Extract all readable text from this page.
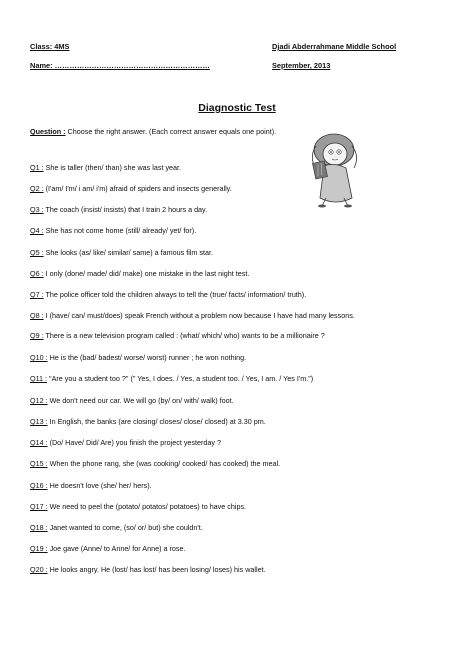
Class: 4MS	Djadi Abderrahmane Middle School
Name: ………………………………………………………	September, 2013
Diagnostic Test
Question : Choose the right answer. (Each correct answer equals one point).
Q1 : She is taller (then/ than) she was last year.
Q2 : (I'am/ I'm/ i am/ i'm) afraid of spiders and insects generally.
Q3 : The coach (insist/ insists) that I train 2 hours a day.
Q4 : She has not come home (still/ already/ yet/ for).
Q5 : She looks (as/ like/ similar/ same) a famous film star.
Q6 : I only (done/ made/ did/ make) one mistake in the last night test.
Q7 : The police officer told the children always to tell the (true/ facts/ information/ truth).
Q8 : I (have/ can/ must/does) speak French without a problem now because I have had many lessons.
Q9 : There is a new television program called : (what/ which/ who) wants to be a millionaire ?
Q10 : He is the (bad/ badest/ worse/ worst) runner ; he won nothing.
Q11 : "Are you a student too ?" (" Yes, I does. / Yes, a student too. / Yes, I am. / Yes I'm.")
Q12 : We don't need our car. We will go (by/ on/ with/ walk) foot.
Q13 : In English, the banks (are closing/ closes/ close/ closed) at 3.30 pm.
Q14 : (Do/ Have/ Did/ Are) you finish the project yesterday ?
Q15 : When the phone rang, she (was cooking/ cooked/ has cooked) the meal.
Q16 : He doesn't love (she/ her/ hers).
Q17 : We need to peel the (potato/ potatos/ potatoes) to have chips.
Q18 : Janet wanted to come, (so/ or/ but) she couldn't.
Q19 : Joe gave (Anne/ to Anne/ for Anne) a rose.
Q20 : He looks angry. He (lost/ has lost/ has been losing/ loses) his wallet.
